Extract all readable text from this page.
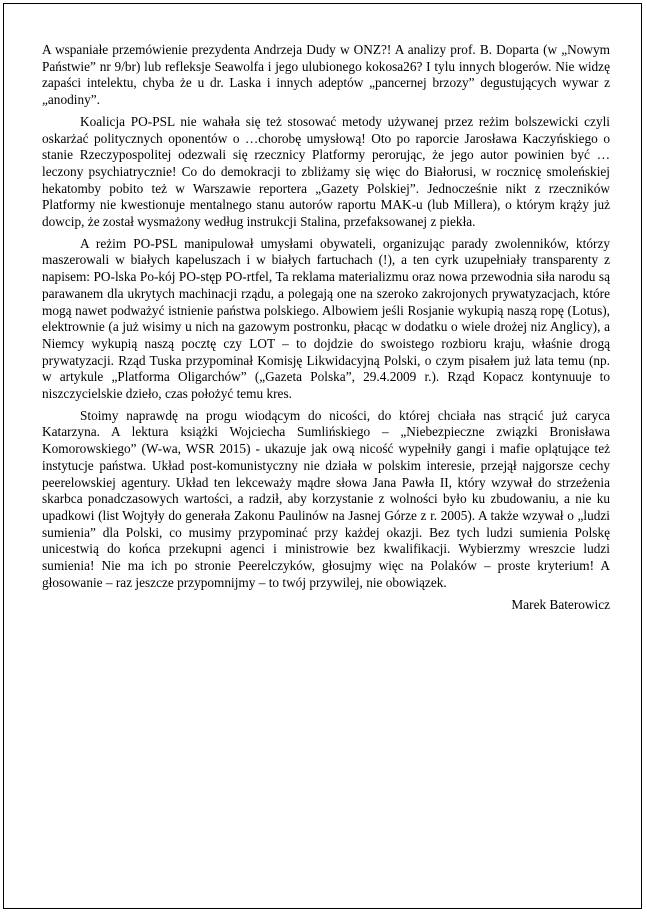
A wspaniałe przemówienie prezydenta Andrzeja Dudy w ONZ?! A analizy prof. B. Doparta (w „Nowym Państwie” nr 9/br) lub refleksje Seawolfa i jego ulubionego kokosa26? I tylu innych blogerów. Nie widzę zapaści intelektu, chyba że u dr. Laska i innych adeptów „pancernej brzozy” degustujących wywar z „anodiny”.

Koalicja PO-PSL nie wahała się też stosować metody używanej przez reżim bolszewicki czyli oskarżać politycznych oponentów o …chorobę umysłową! Oto po raporcie Jarosława Kaczyńskiego o stanie Rzeczypospolitej odezwali się rzecznicy Platformy perorując, że jego autor powinien być …leczony psychiatrycznie! Co do demokracji to zbliżamy się więc do Białorusi, w rocznicę smoleńskiej hekatomby pobito też w Warszawie reportera „Gazety Polskiej”. Jednocześnie nikt z rzeczników Platformy nie kwestionuje mentalnego stanu autorów raportu MAK-u (lub Millera), o którym krąży już dowcip, że został wysmażony według instrukcji Stalina, przefaksowanej z piekła.

A reżim PO-PSL manipulował umysłami obywateli, organizując parady zwolenników, którzy maszerowali w białych kapeluszach i w białych fartuchach (!), a ten cyrk uzupełniały transparenty z napisem: PO-lska Po-kój PO-stęp PO-rtfel, Ta reklama materializmu oraz nowa przewodnia siła narodu są parawanem dla ukrytych machinacji rządu, a polegają one na szeroko zakrojonych prywatyzacjach, które mogą nawet podważyć istnienie państwa polskiego. Albowiem jeśli Rosjanie wykupią naszą ropę (Lotus), elektrownie (a już wisimy u nich na gazowym postronku, płacąc w dodatku o wiele drożej niz Anglicy), a Niemcy wykupią naszą pocztę czy LOT – to dojdzie do swoistego rozbioru kraju, właśnie drogą prywatyzacji. Rząd Tuska przypominał Komisję Likwidacyjną Polski, o czym pisałem już lata temu (np. w artykule „Platforma Oligarchów” („Gazeta Polska”, 29.4.2009 r.). Rząd Kopacz kontynuuje to niszczycielskie dzieło, czas położyć temu kres.

Stoimy naprawdę na progu wiodącym do nicości, do której chciała nas strącić już caryca Katarzyna. A lektura książki Wojciecha Sumlińskiego – „Niebezpieczne związki Bronisława Komorowskiego” (W-wa, WSR 2015) - ukazuje jak ową nicość wypełniły gangi i mafie oplątujące też instytucje państwa. Układ post-komunistyczny nie działa w polskim interesie, przejął najgorsze cechy peerelowskiej agentury. Układ ten lekceważy mądre słowa Jana Pawła II, który wzywał do strzeżenia skarbca ponadczasowych wartości, a radził, aby korzystanie z wolności było ku zbudowaniu, a nie ku upadkowi (list Wojtyły do generała Zakonu Paulinów na Jasnej Górze z r. 2005). A także wzywał o „ludzi sumienia” dla Polski, co musimy przypominać przy każdej okazji. Bez tych ludzi sumienia Polskę unicestwią do końca przekupni agenci i ministrowie bez kwalifikacji. Wybierzmy wreszcie ludzi sumienia! Nie ma ich po stronie Peerelczyków, głosujmy więc na Polaków – proste kryterium! A głosowanie – raz jeszcze przypomnijmy – to twój przywilej, nie obowiązek.

Marek Baterowicz
